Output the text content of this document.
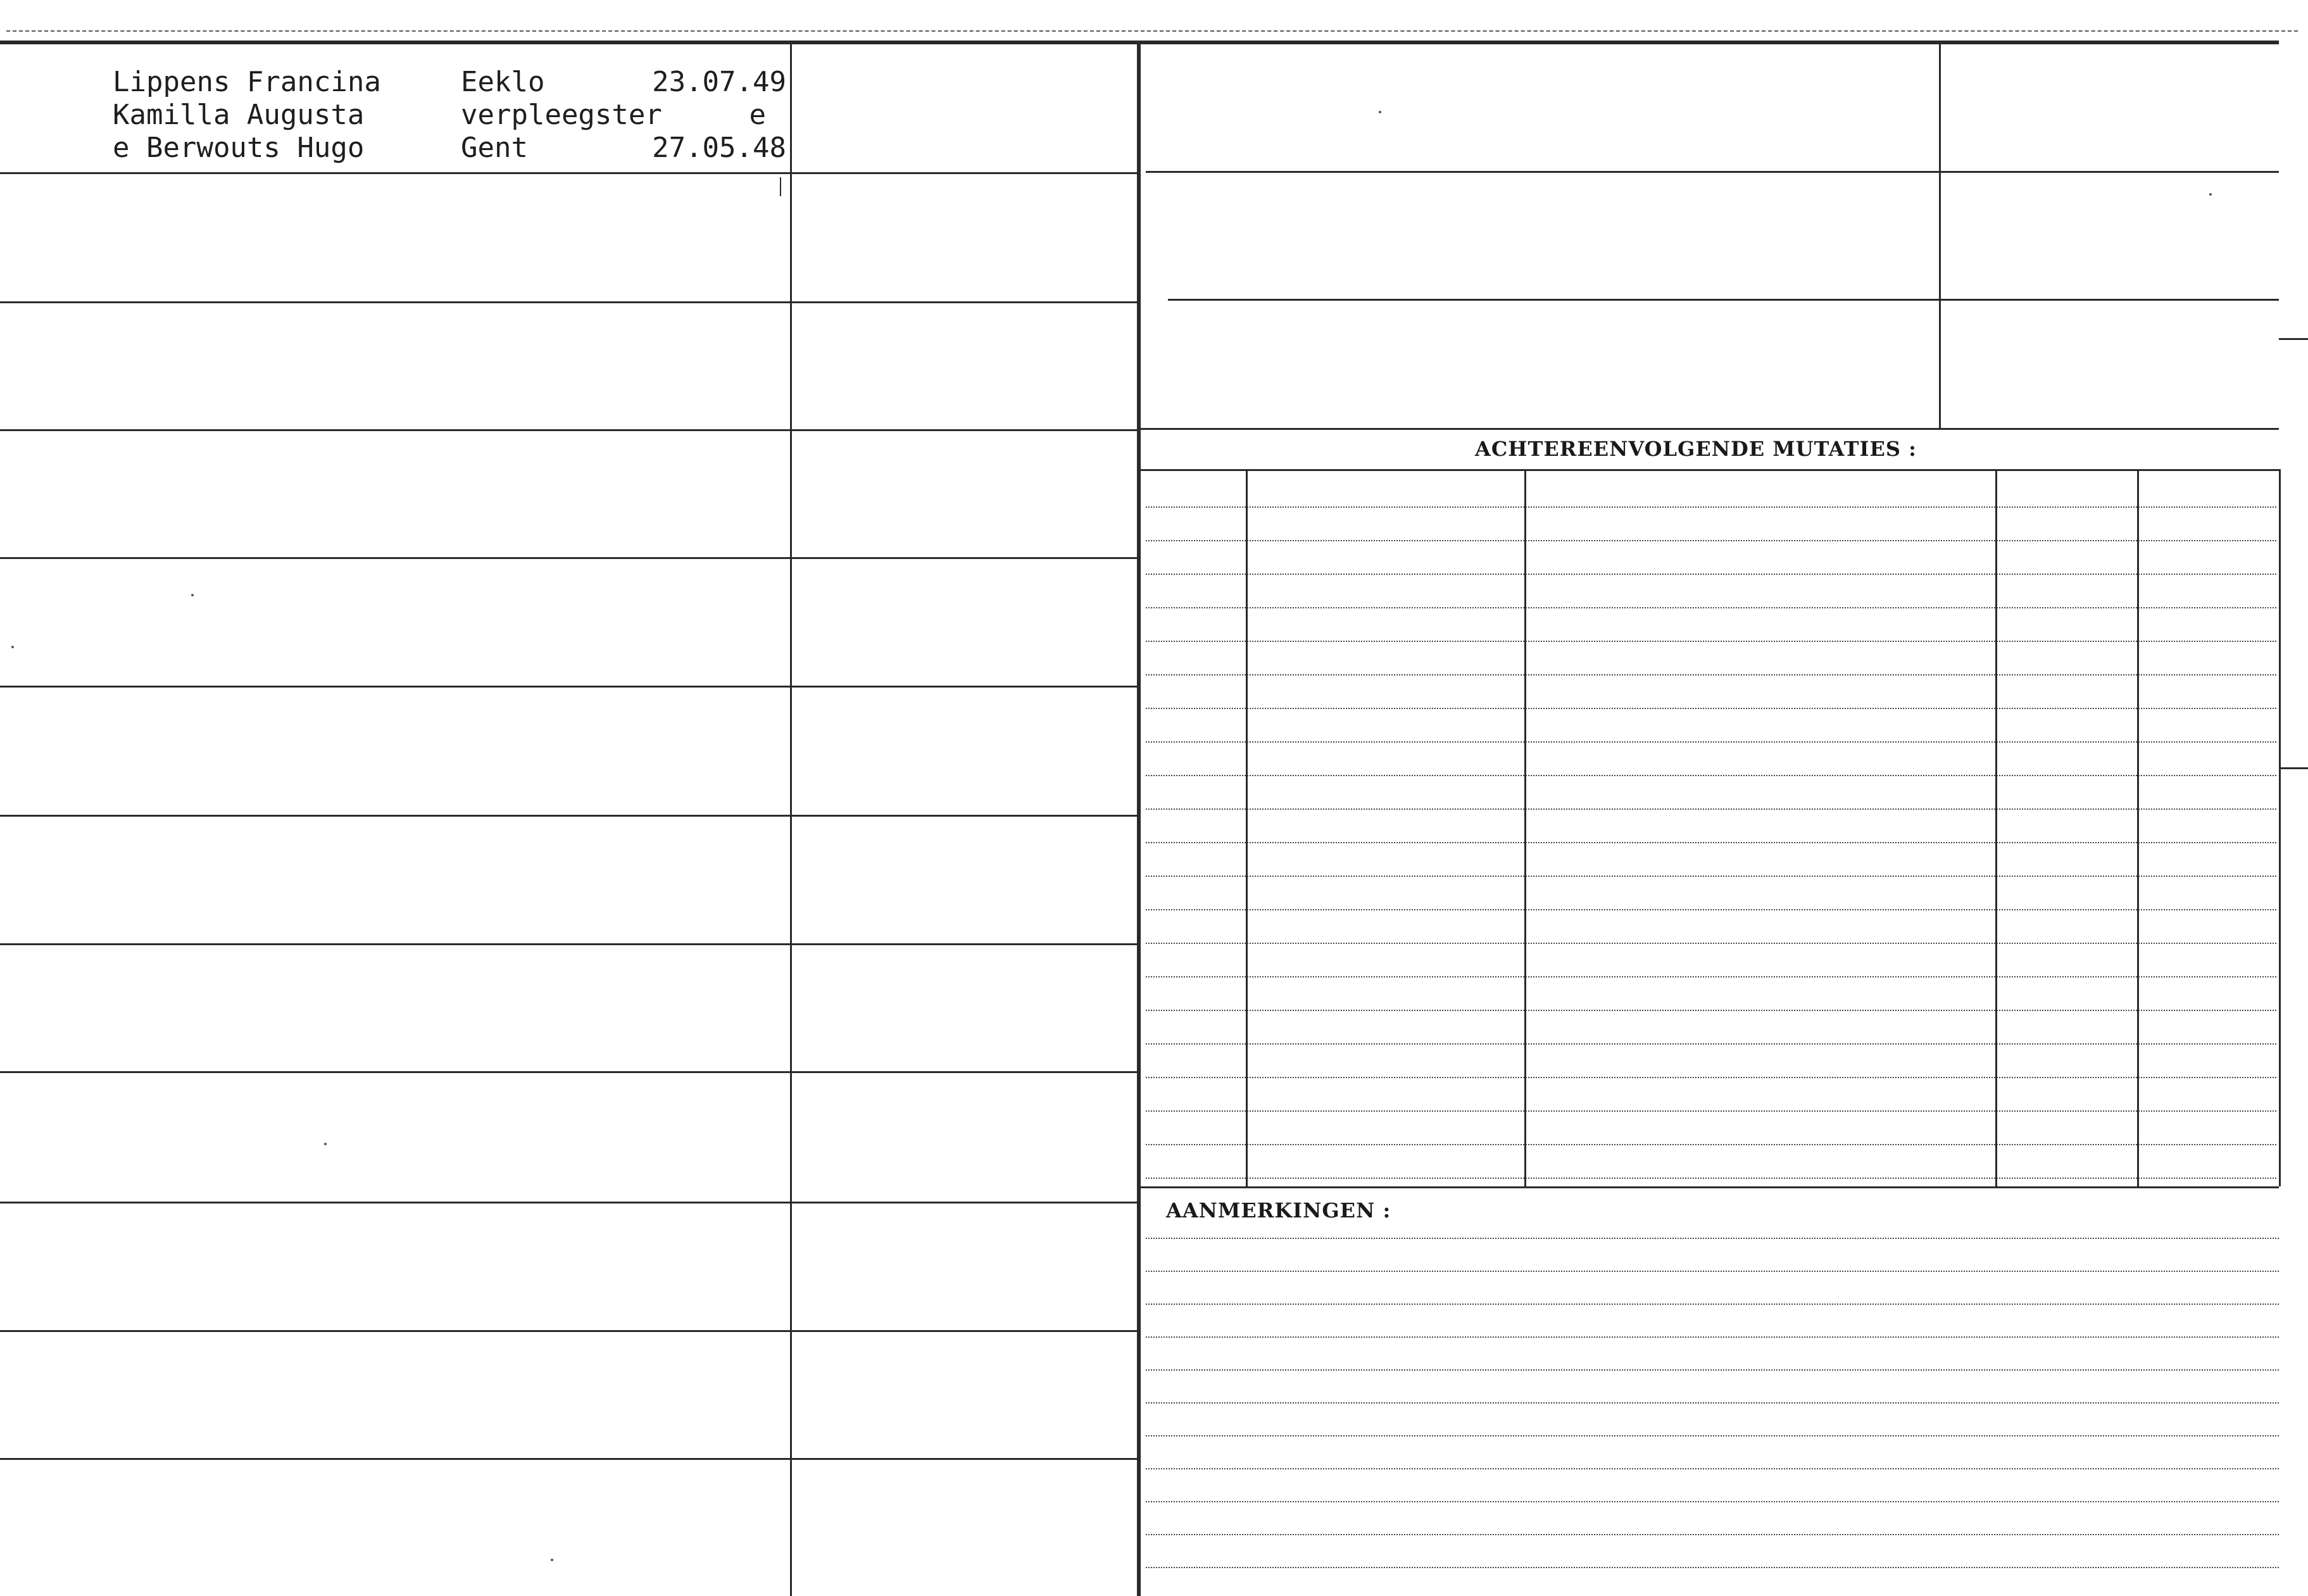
Lippens Francina	Eeklo	23.07.49
Kamilla Augusta	verpleegster	e
e Berwouts Hugo	Gent	27.05.48
ACHTEREENVOLGENDE MUTATIES :
AANMERKINGEN :
